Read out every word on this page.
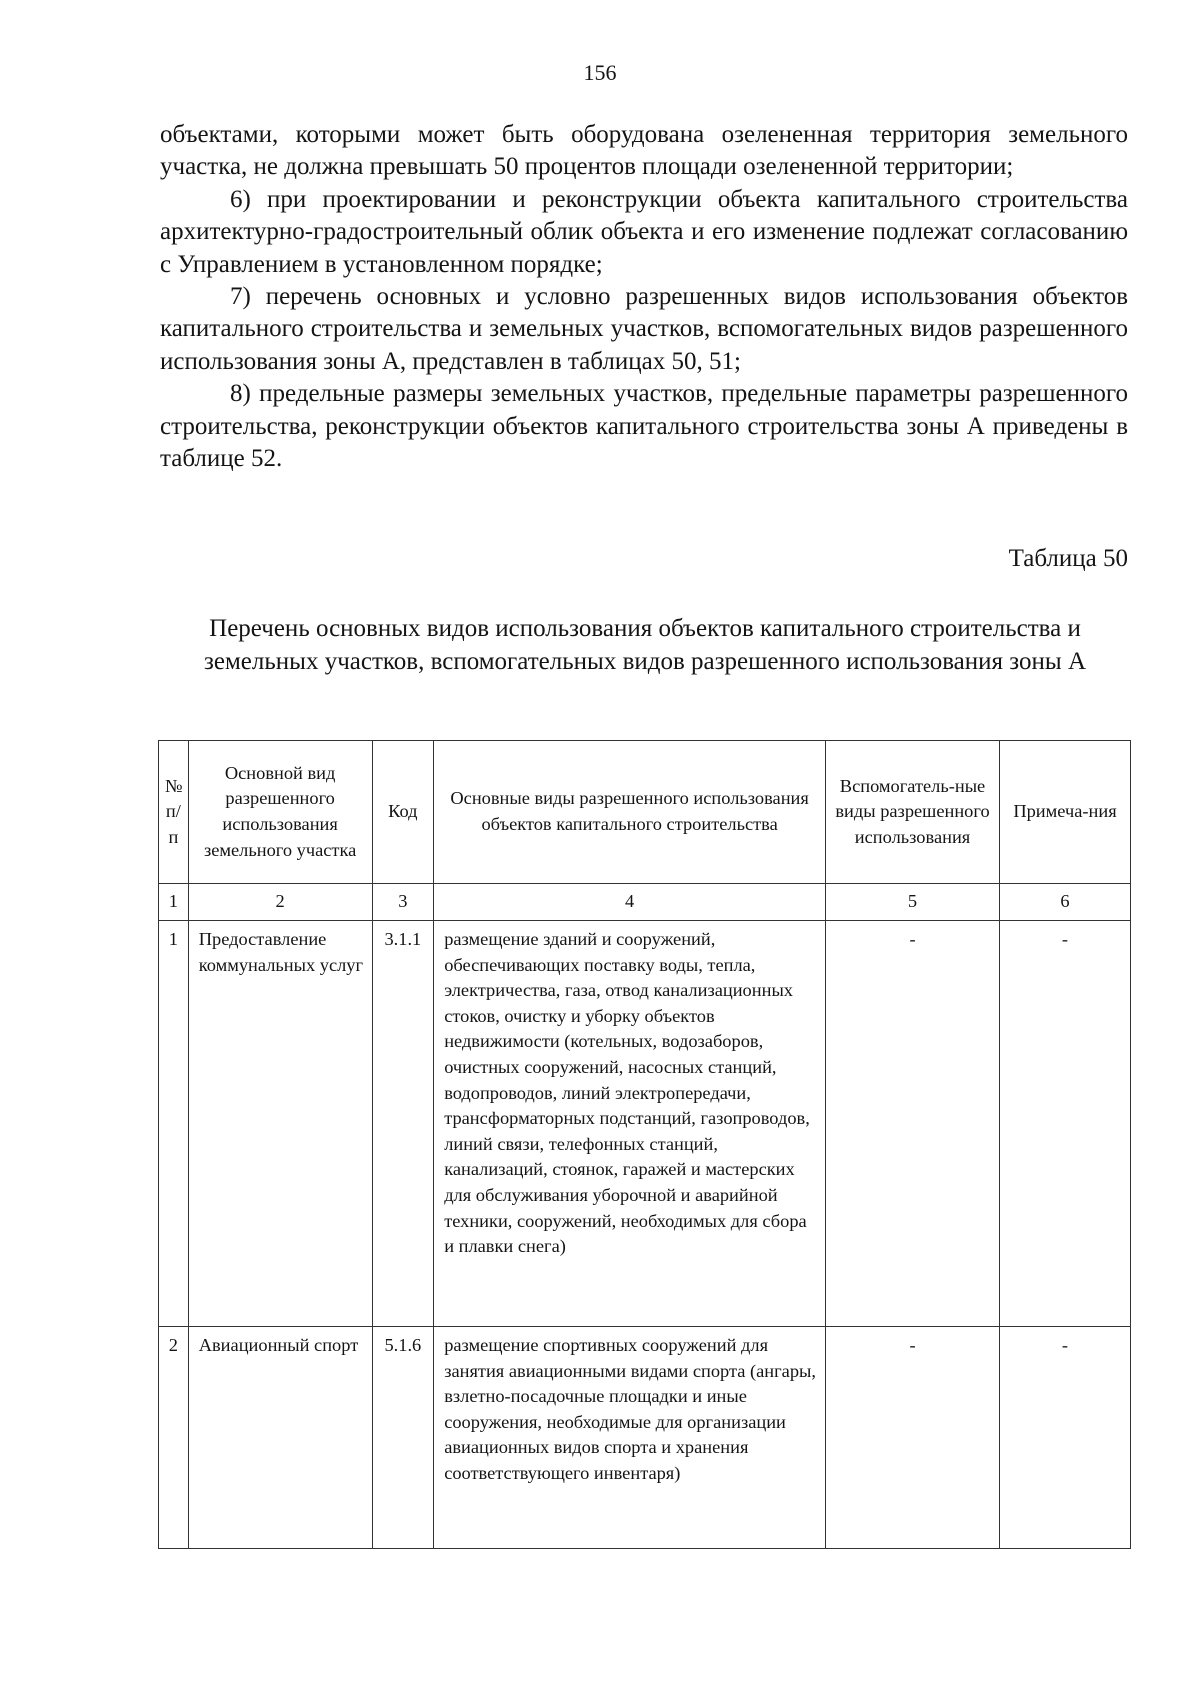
156

объектами, которыми может быть оборудована озелененная территория земельного участка, не должна превышать 50 процентов площади озелененной территории;

6) при проектировании и реконструкции объекта капитального строительства архитектурно-градостроительный облик объекта и его изменение подлежат согласованию с Управлением в установленном порядке;

7) перечень основных и условно разрешенных видов использования объектов капитального строительства и земельных участков, вспомогательных видов разрешенного использования зоны А, представлен в таблицах 50, 51;

8) предельные размеры земельных участков, предельные параметры разрешенного строительства, реконструкции объектов капитального строительства зоны А приведены в таблице 52.

Таблица 50
Перечень основных видов использования объектов капитального строительства и земельных участков, вспомогательных видов разрешенного использования зоны А
№ п/п	Основной вид разрешенного использования земельного участка	Код	Основные виды разрешенного использования объектов капитального строительства	Вспомогатель-ные виды разрешенного использования	Примеча-ния
1	2	3	4	5	6
1	Предоставление коммунальных услуг	3.1.1	размещение зданий и сооружений, обеспечивающих поставку воды, тепла, электричества, газа, отвод канализационных стоков, очистку и уборку объектов недвижимости (котельных, водозаборов, очистных сооружений, насосных станций, водопроводов, линий электропередачи, трансформаторных подстанций, газопроводов, линий связи, телефонных станций, канализаций, стоянок, гаражей и мастерских для обслуживания уборочной и аварийной техники, сооружений, необходимых для сбора и плавки снега)	-	-
2	Авиационный спорт	5.1.6	размещение спортивных сооружений для занятия авиационными видами спорта (ангары, взлетно-посадочные площадки и иные сооружения, необходимые для организации авиационных видов спорта и хранения соответствующего инвентаря)	-	-
